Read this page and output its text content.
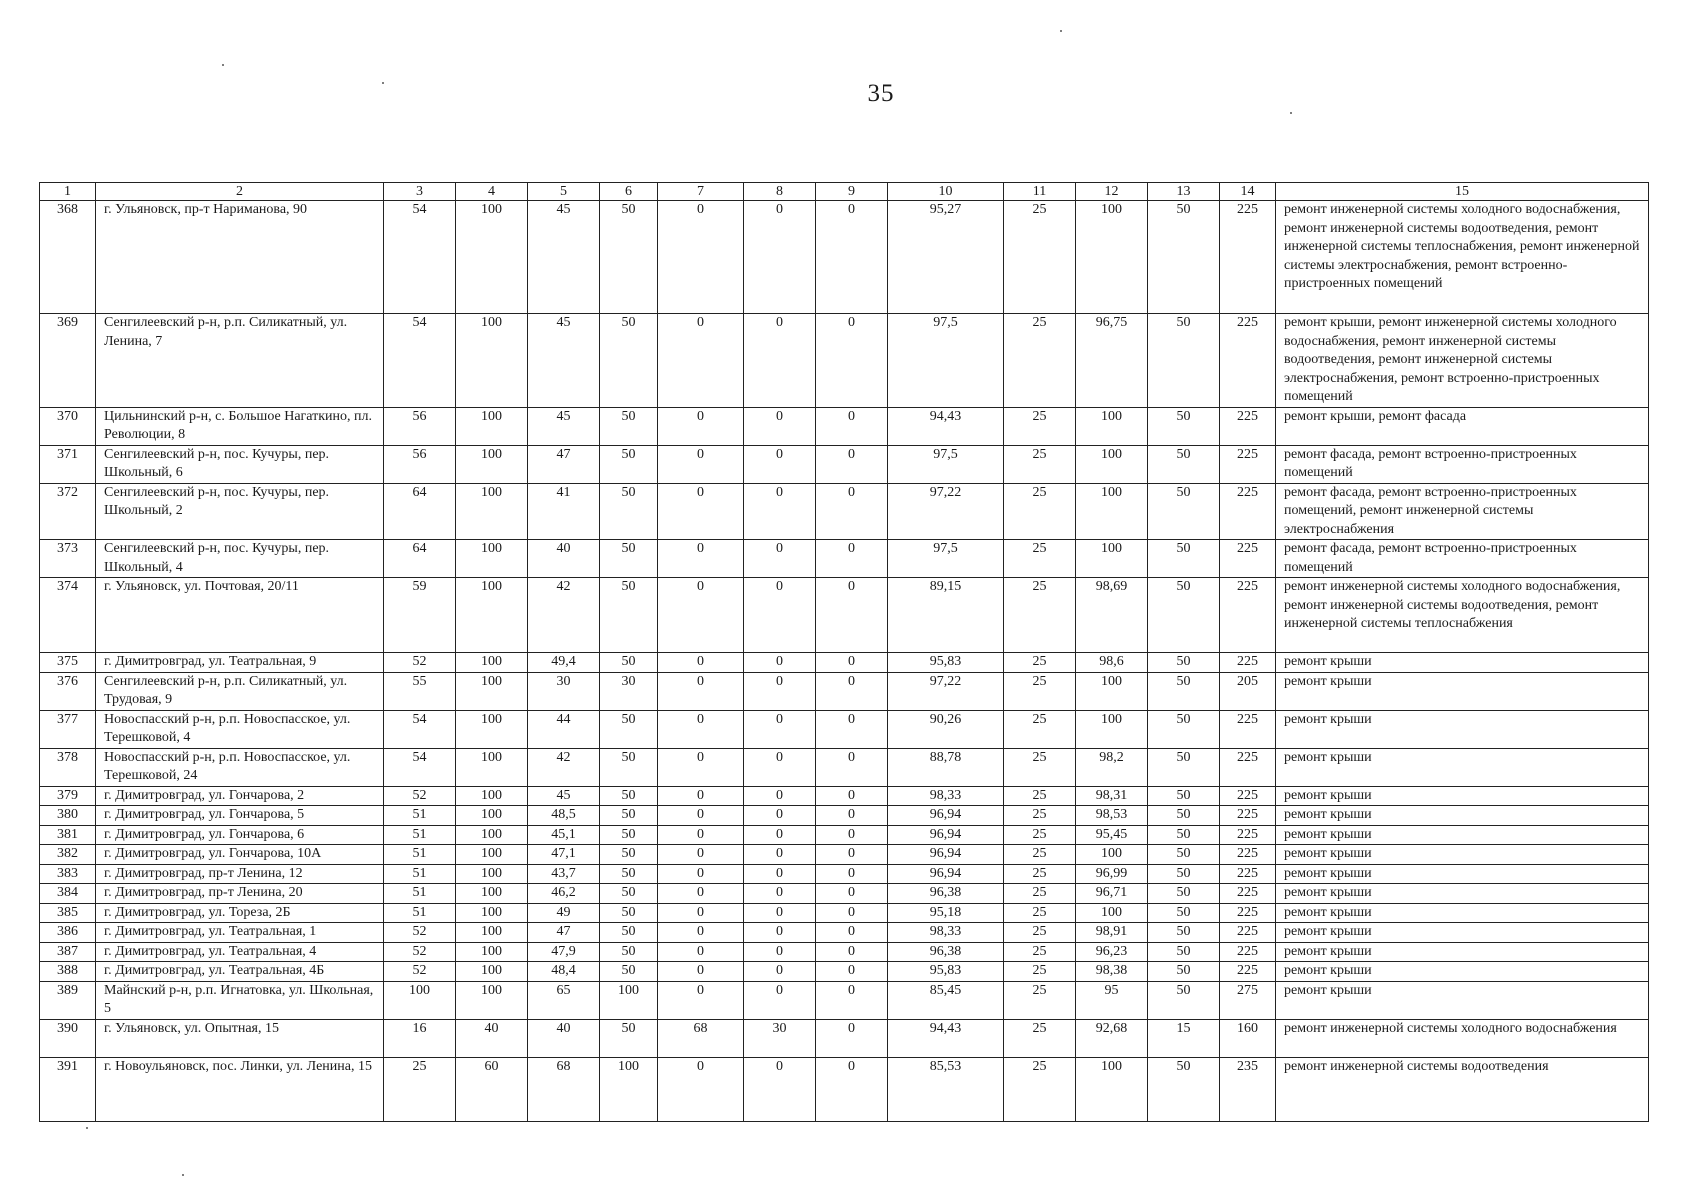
35
1	2	3	4	5	6	7	8	9	10	11	12	13	14	15
368	г. Ульяновск, пр-т Нариманова, 90	54	100	45	50	0	0	0	95,27	25	100	50	225	ремонт инженерной системы холодного водоснабжения, ремонт инженерной системы водоотведения, ремонт инженерной системы теплоснабжения, ремонт инженерной системы электроснабжения, ремонт встроенно-пристроенных помещений
369	Сенгилеевский р-н, р.п. Силикатный, ул. Ленина, 7	54	100	45	50	0	0	0	97,5	25	96,75	50	225	ремонт крыши, ремонт инженерной системы холодного водоснабжения, ремонт инженерной системы водоотведения, ремонт инженерной системы электроснабжения, ремонт встроенно-пристроенных помещений
370	Цильнинский р-н, с. Большое Нагаткино, пл. Революции, 8	56	100	45	50	0	0	0	94,43	25	100	50	225	ремонт крыши, ремонт фасада
371	Сенгилеевский р-н, пос. Кучуры, пер. Школьный, 6	56	100	47	50	0	0	0	97,5	25	100	50	225	ремонт фасада, ремонт встроенно-пристроенных помещений
372	Сенгилеевский р-н, пос. Кучуры, пер. Школьный, 2	64	100	41	50	0	0	0	97,22	25	100	50	225	ремонт фасада, ремонт встроенно-пристроенных помещений, ремонт инженерной системы электроснабжения
373	Сенгилеевский р-н, пос. Кучуры, пер. Школьный, 4	64	100	40	50	0	0	0	97,5	25	100	50	225	ремонт фасада, ремонт встроенно-пристроенных помещений
374	г. Ульяновск, ул. Почтовая, 20/11	59	100	42	50	0	0	0	89,15	25	98,69	50	225	ремонт инженерной системы холодного водоснабжения, ремонт инженерной системы водоотведения, ремонт инженерной системы теплоснабжения
375	г. Димитровград, ул. Театральная, 9	52	100	49,4	50	0	0	0	95,83	25	98,6	50	225	ремонт крыши
376	Сенгилеевский р-н, р.п. Силикатный, ул. Трудовая, 9	55	100	30	30	0	0	0	97,22	25	100	50	205	ремонт крыши
377	Новоспасский р-н, р.п. Новоспасское, ул. Терешковой, 4	54	100	44	50	0	0	0	90,26	25	100	50	225	ремонт крыши
378	Новоспасский р-н, р.п. Новоспасское, ул. Терешковой, 24	54	100	42	50	0	0	0	88,78	25	98,2	50	225	ремонт крыши
379	г. Димитровград, ул. Гончарова, 2	52	100	45	50	0	0	0	98,33	25	98,31	50	225	ремонт крыши
380	г. Димитровград, ул. Гончарова, 5	51	100	48,5	50	0	0	0	96,94	25	98,53	50	225	ремонт крыши
381	г. Димитровград, ул. Гончарова, 6	51	100	45,1	50	0	0	0	96,94	25	95,45	50	225	ремонт крыши
382	г. Димитровград, ул. Гончарова, 10А	51	100	47,1	50	0	0	0	96,94	25	100	50	225	ремонт крыши
383	г. Димитровград, пр-т Ленина, 12	51	100	43,7	50	0	0	0	96,94	25	96,99	50	225	ремонт крыши
384	г. Димитровград, пр-т Ленина, 20	51	100	46,2	50	0	0	0	96,38	25	96,71	50	225	ремонт крыши
385	г. Димитровград, ул. Тореза, 2Б	51	100	49	50	0	0	0	95,18	25	100	50	225	ремонт крыши
386	г. Димитровград, ул. Театральная, 1	52	100	47	50	0	0	0	98,33	25	98,91	50	225	ремонт крыши
387	г. Димитровград, ул. Театральная, 4	52	100	47,9	50	0	0	0	96,38	25	96,23	50	225	ремонт крыши
388	г. Димитровград, ул. Театральная, 4Б	52	100	48,4	50	0	0	0	95,83	25	98,38	50	225	ремонт крыши
389	Майнский р-н, р.п. Игнатовка, ул. Школьная, 5	100	100	65	100	0	0	0	85,45	25	95	50	275	ремонт крыши
390	г. Ульяновск, ул. Опытная, 15	16	40	40	50	68	30	0	94,43	25	92,68	15	160	ремонт инженерной системы холодного водоснабжения
391	г. Новоульяновск, пос. Линки, ул. Ленина, 15	25	60	68	100	0	0	0	85,53	25	100	50	235	ремонт инженерной системы водоотведения
